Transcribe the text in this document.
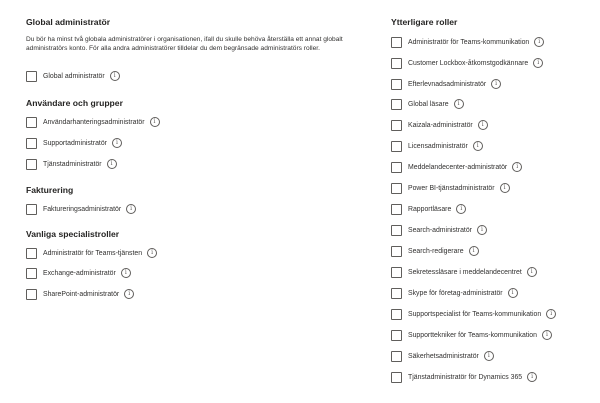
Global administratör

Du bör ha minst två globala administratörer i organisationen, ifall du skulle behöva återställa ett annat globalt administratörs konto. För alla andra administratörer tilldelar du dem begränsade administratörs roller.

Global administratör	i
Användare och grupper
Användarhanteringsadministratör	i
Supportadministratör	i
Tjänstadministratör	i
Fakturering
Faktureringsadministratör	i
Vanliga specialistroller
Administratör för Teams-tjänsten	i
Exchange-administratör	i
SharePoint-administratör	i
Ytterligare roller
Administratör för Teams-kommunikation	i
Customer Lockbox-åtkomstgodkännare	i
Efterlevnadsadministratör	i
Global läsare	i
Kaizala-administratör	i
Licensadministratör	i
Meddelandecenter-administratör	i
Power BI-tjänstadministratör	i
Rapportläsare	i
Search-administratör	i
Search-redigerare	i
Sekretessläsare i meddelandecentret	i
Skype för företag-administratör	i
Supportspecialist för Teams-kommunikation	i
Supporttekniker för Teams-kommunikation	i
Säkerhetsadministratör	i
Tjänstadministratör för Dynamics 365	i
